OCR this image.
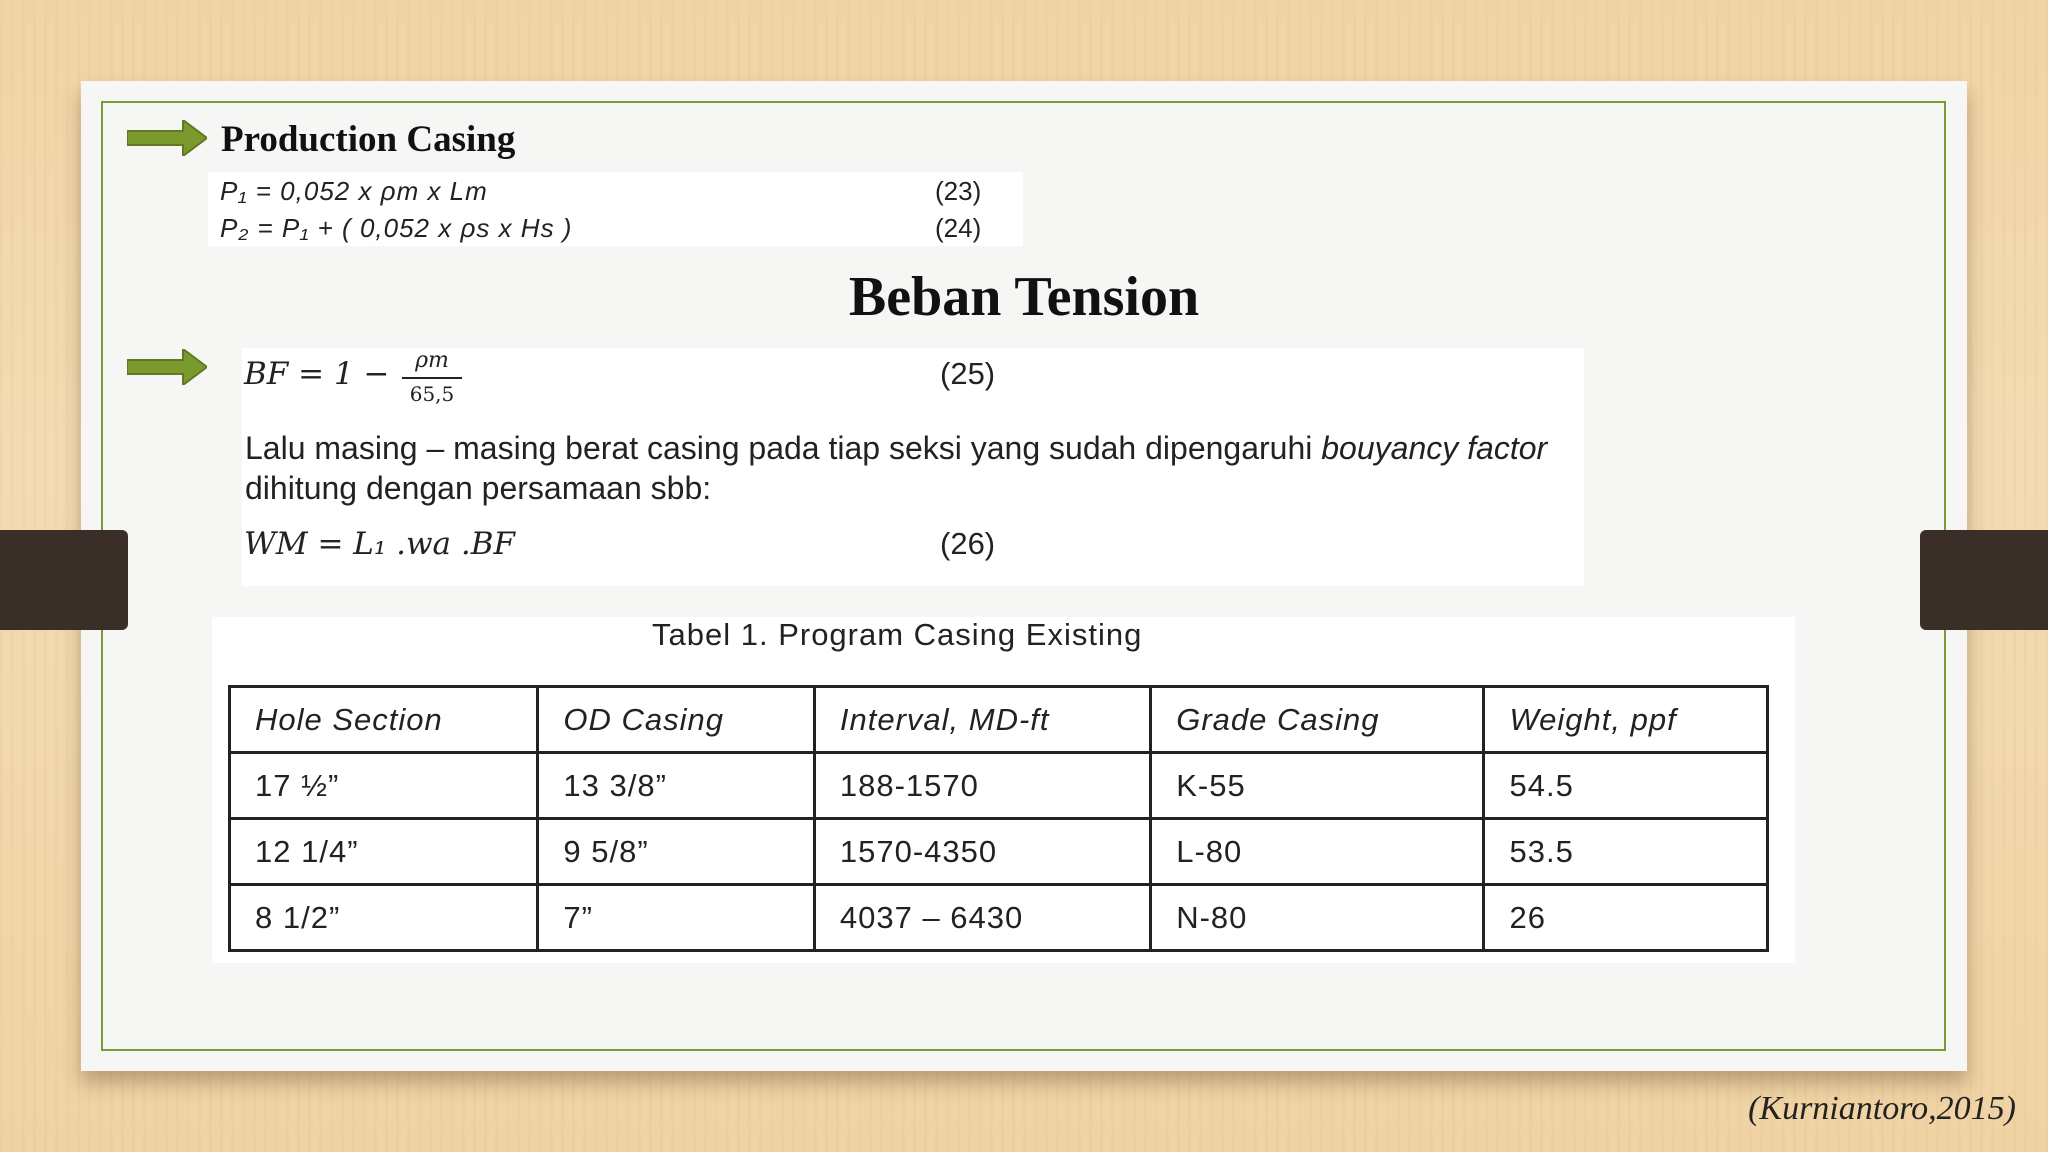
Production Casing
P₁ = 0,052 x ρm x Lm	(23)
P₂ = P₁ + ( 0,052 x ρs x Hs )	(24)
Beban Tension
BF = 1 −	ρm
65,5
(25)
WM = L₁ .wa .BF	(26)
Lalu masing – masing berat casing pada tiap seksi yang sudah dipengaruhi bouyancy factor dihitung dengan persamaan sbb:
Tabel 1. Program Casing Existing
Hole Section	OD Casing	Interval, MD-ft	Grade Casing	Weight, ppf
17 ½”	13 3/8”	188-1570	K-55	54.5
12 1/4”	9 5/8”	1570-4350	L-80	53.5
8 1/2”	7”	4037 – 6430	N-80	26
(Kurniantoro,2015)
